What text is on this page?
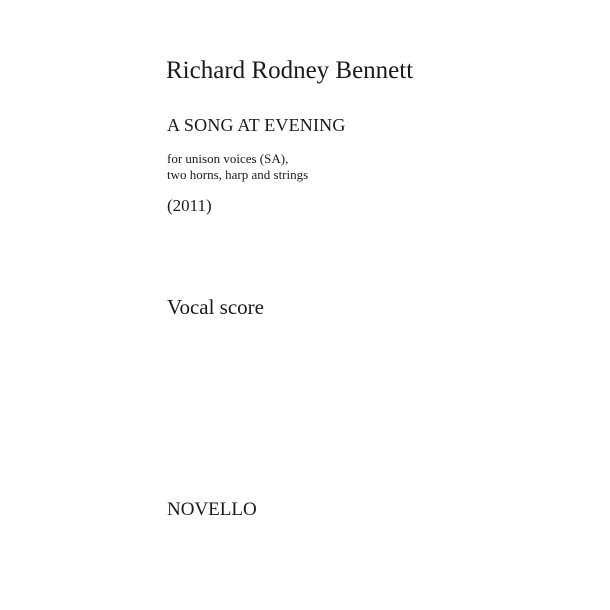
Richard Rodney Bennett
A SONG AT EVENING
for unison voices (SA),
two horns, harp and strings
(2011)
Vocal score
NOVELLO
